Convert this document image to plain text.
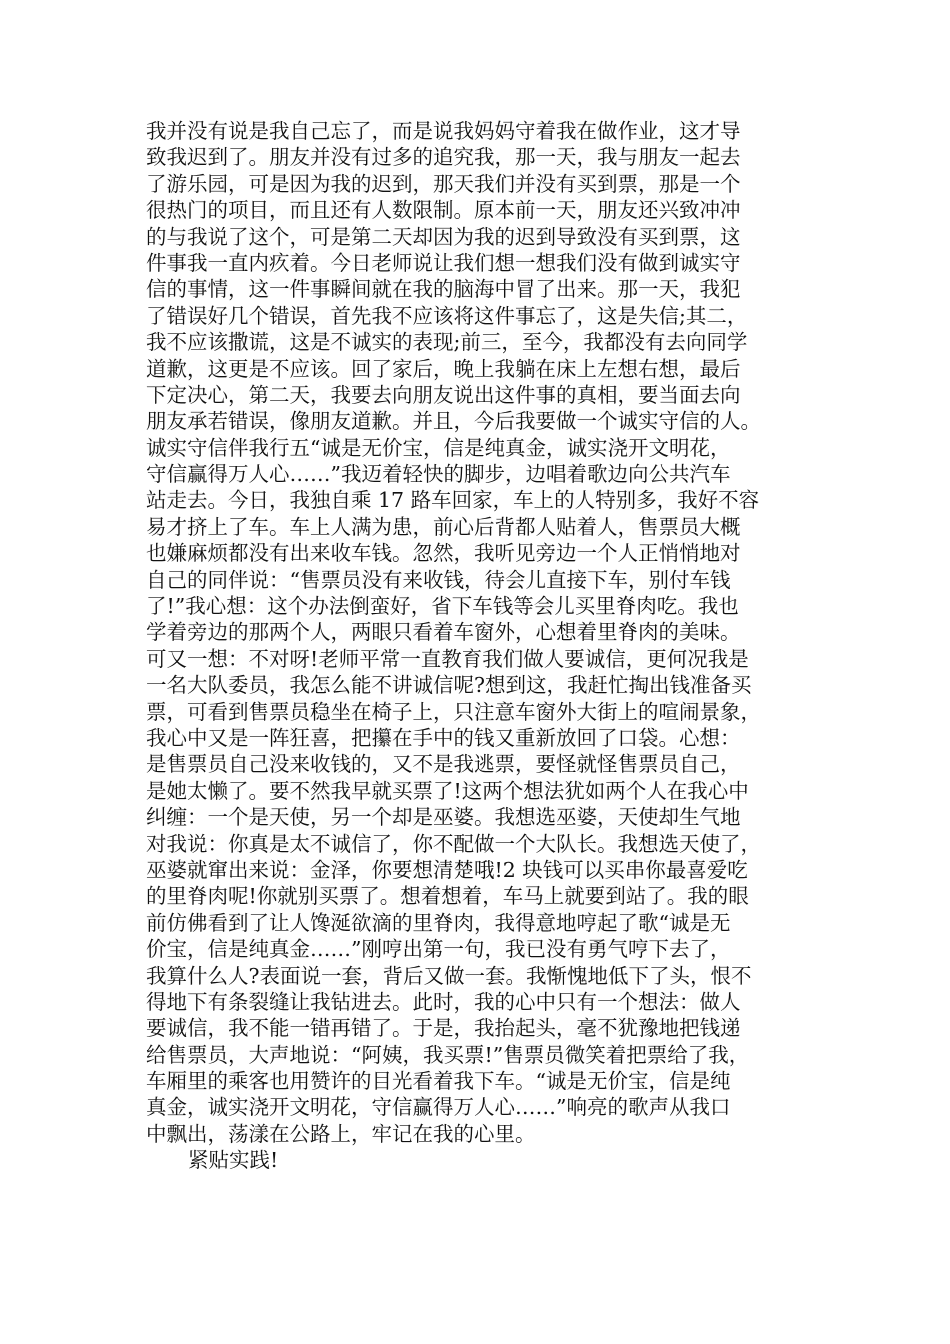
我并没有说是我自己忘了，而是说我妈妈守着我在做作业，这才导
致我迟到了。朋友并没有过多的追究我，那一天，我与朋友一起去
了游乐园，可是因为我的迟到，那天我们并没有买到票，那是一个
很热门的项目，而且还有人数限制。原本前一天，朋友还兴致冲冲
的与我说了这个，可是第二天却因为我的迟到导致没有买到票，这
件事我一直内疚着。今日老师说让我们想一想我们没有做到诚实守
信的事情，这一件事瞬间就在我的脑海中冒了出来。那一天，我犯
了错误好几个错误，首先我不应该将这件事忘了，这是失信;其二，
我不应该撒谎，这是不诚实的表现;前三，至今，我都没有去向同学
道歉，这更是不应该。回了家后，晚上我躺在床上左想右想，最后
下定决心，第二天，我要去向朋友说出这件事的真相，要当面去向
朋友承若错误，像朋友道歉。并且，今后我要做一个诚实守信的人。
诚实守信伴我行五“诚是无价宝，信是纯真金，诚实浇开文明花，
守信赢得万人心……”我迈着轻快的脚步，边唱着歌边向公共汽车
站走去。今日，我独自乘 17 路车回家，车上的人特别多，我好不容
易才挤上了车。车上人满为患，前心后背都人贴着人，售票员大概
也嫌麻烦都没有出来收车钱。忽然，我听见旁边一个人正悄悄地对
自己的同伴说：“售票员没有来收钱，待会儿直接下车，别付车钱
了!”我心想：这个办法倒蛮好，省下车钱等会儿买里脊肉吃。我也
学着旁边的那两个人，两眼只看着车窗外，心想着里脊肉的美味。
可又一想：不对呀!老师平常一直教育我们做人要诚信，更何况我是
一名大队委员，我怎么能不讲诚信呢?想到这，我赶忙掏出钱准备买
票，可看到售票员稳坐在椅子上，只注意车窗外大街上的喧闹景象，
我心中又是一阵狂喜，把攥在手中的钱又重新放回了口袋。心想：
是售票员自己没来收钱的，又不是我逃票，要怪就怪售票员自己，
是她太懒了。要不然我早就买票了!这两个想法犹如两个人在我心中
纠缠：一个是天使，另一个却是巫婆。我想选巫婆，天使却生气地
对我说：你真是太不诚信了，你不配做一个大队长。我想选天使了，
巫婆就窜出来说：金泽，你要想清楚哦!2 块钱可以买串你最喜爱吃
的里脊肉呢!你就别买票了。想着想着，车马上就要到站了。我的眼
前仿佛看到了让人馋涎欲滴的里脊肉，我得意地哼起了歌“诚是无
价宝，信是纯真金……”刚哼出第一句，我已没有勇气哼下去了，
我算什么人?表面说一套，背后又做一套。我惭愧地低下了头，恨不
得地下有条裂缝让我钻进去。此时，我的心中只有一个想法：做人
要诚信，我不能一错再错了。于是，我抬起头，毫不犹豫地把钱递
给售票员，大声地说：“阿姨，我买票!”售票员微笑着把票给了我，
车厢里的乘客也用赞许的目光看着我下车。“诚是无价宝，信是纯
真金，诚实浇开文明花，守信赢得万人心……”响亮的歌声从我口
中飘出，荡漾在公路上，牢记在我的心里。
紧贴实践!
